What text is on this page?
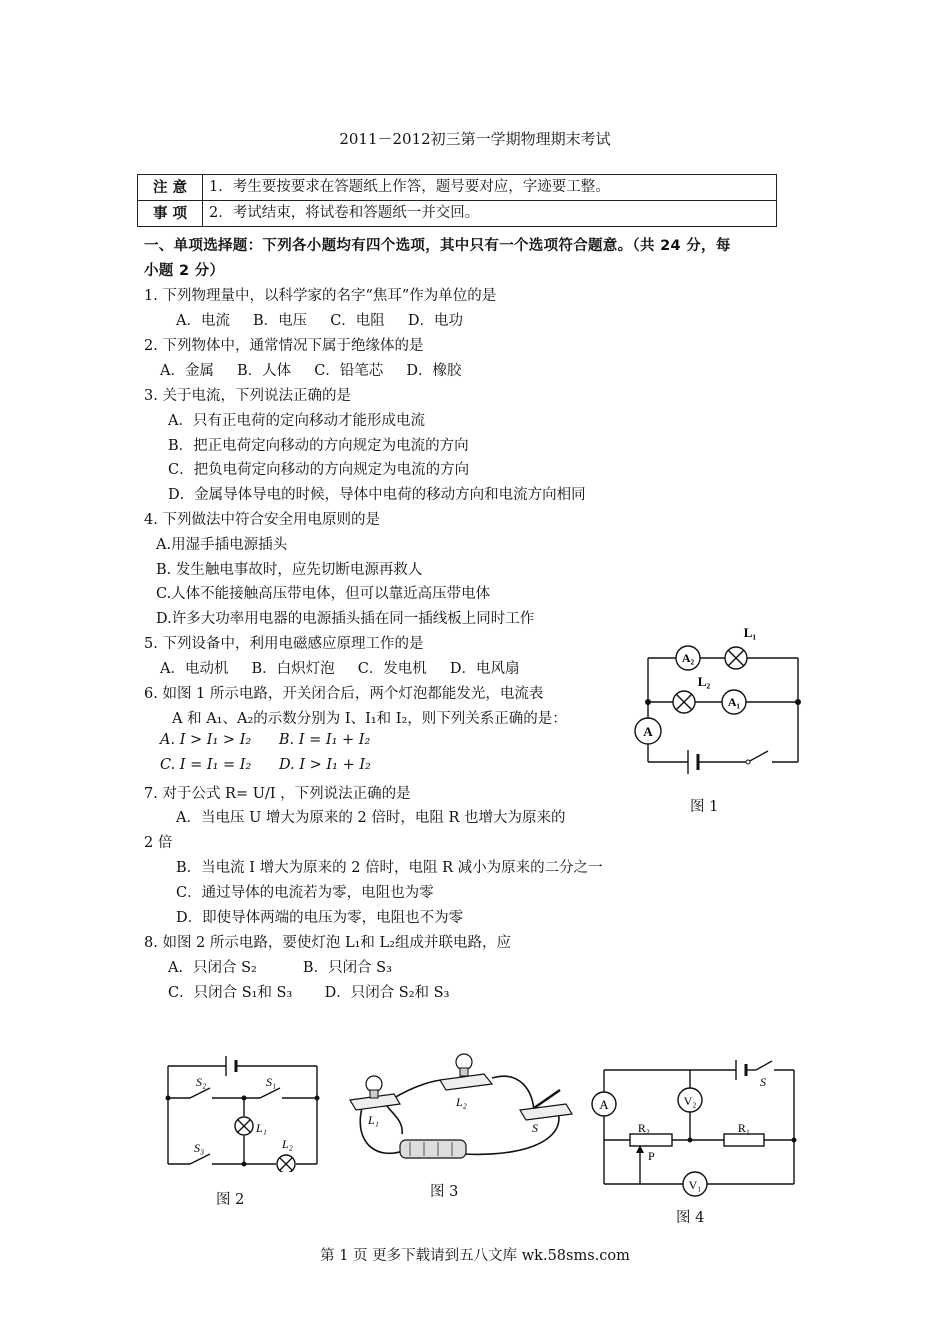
2011－2012初三第一学期物理期末考试
注 意	1．考生要按要求在答题纸上作答，题号要对应，字迹要工整。
事 项	2．考试结束，将试卷和答题纸一并交回。
一、单项选择题：下列各小题均有四个选项，其中只有一个选项符合题意。（共 24 分，每
小题 2 分）
1. 下列物理量中，以科学家的名字“焦耳”作为单位的是
A．电流     B．电压     C．电阻     D．电功
2. 下列物体中，通常情况下属于绝缘体的是
A．金属     B．人体     C．铅笔芯     D．橡胶
3. 关于电流，下列说法正确的是
A．只有正电荷的定向移动才能形成电流
B．把正电荷定向移动的方向规定为电流的方向
C．把负电荷定向移动的方向规定为电流的方向
D．金属导体导电的时候，导体中电荷的移动方向和电流方向相同
4. 下列做法中符合安全用电原则的是
A.用湿手插电源插头
B. 发生触电事故时，应先切断电源再救人
C.人体不能接触高压带电体，但可以靠近高压带电体
D.许多大功率用电器的电源插头插在同一插线板上同时工作
5. 下列设备中，利用电磁感应原理工作的是
A．电动机     B．白炽灯泡     C．发电机     D．电风扇
6. 如图 1 所示电路，开关闭合后，两个灯泡都能发光，电流表
A 和 A₁、A₂的示数分别为 I、I₁和 I₂，则下列关系正确的是：
A. I > I₁ > I₂      B. I = I₁ + I₂
C. I = I₁ = I₂      D. I > I₁ + I₂
7. 对于公式 R= U/I ，下列说法正确的是
A．当电压 U 增大为原来的 2 倍时，电阻 R 也增大为原来的
2 倍
B．当电流 I 增大为原来的 2 倍时，电阻 R 减小为原来的二分之一
C．通过导体的电流若为零，电阻也为零
D．即使导体两端的电压为零，电阻也不为零
8. 如图 2 所示电路，要使灯泡 L₁和 L₂组成并联电路，应
A．只闭合 S₂          B．只闭合 S₃
C．只闭合 S₁和 S₃       D．只闭合 S₂和 S₃
A₂
L₁
L₂
A₁
A
图 1
S₂	S₁
L₁
S₃	L₂
图 2
L₁
L₂
S
图 3
S
A	V₂
R₂	R₁
P
V₁
图 4
第 1 页 更多下载请到五八文库 wk.58sms.com
